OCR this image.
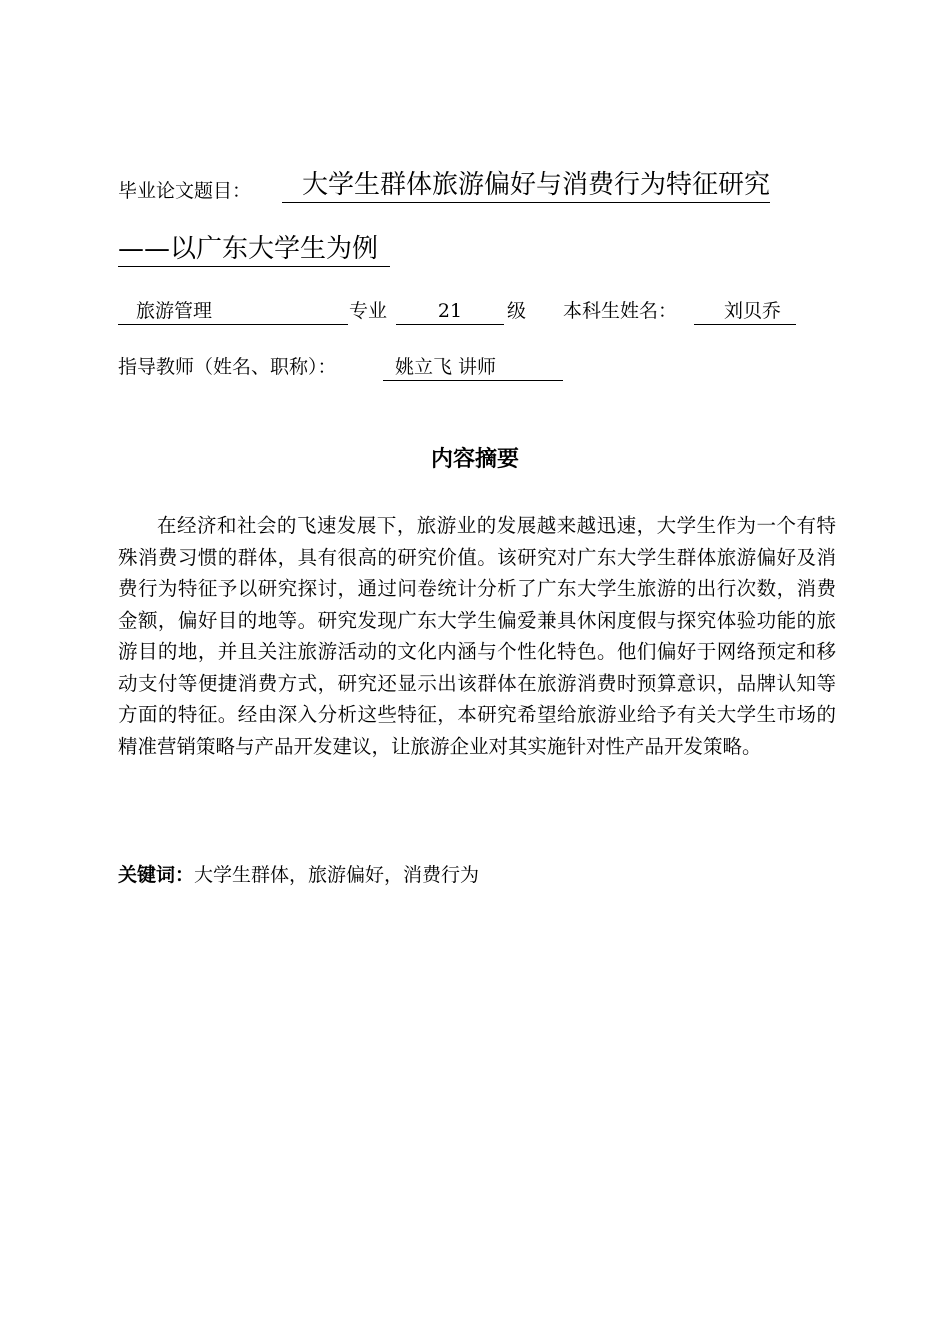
毕业论文题目：	大学生群体旅游偏好与消费行为特征研究
——以广东大学生为例
旅游管理	专业	21	级 本科生姓名：	刘贝乔
指导教师（姓名、职称）：	姚立飞 讲师
内容摘要

在经济和社会的飞速发展下，旅游业的发展越来越迅速，大学生作为一个有特殊消费习惯的群体，具有很高的研究价值。该研究对广东大学生群体旅游偏好及消费行为特征予以研究探讨，通过问卷统计分析了广东大学生旅游的出行次数，消费金额，偏好目的地等。研究发现广东大学生偏爱兼具休闲度假与探究体验功能的旅游目的地，并且关注旅游活动的文化内涵与个性化特色。他们偏好于网络预定和移动支付等便捷消费方式，研究还显示出该群体在旅游消费时预算意识，品牌认知等方面的特征。经由深入分析这些特征，本研究希望给旅游业给予有关大学生市场的精准营销策略与产品开发建议，让旅游企业对其实施针对性产品开发策略。

关键词：大学生群体，旅游偏好，消费行为
